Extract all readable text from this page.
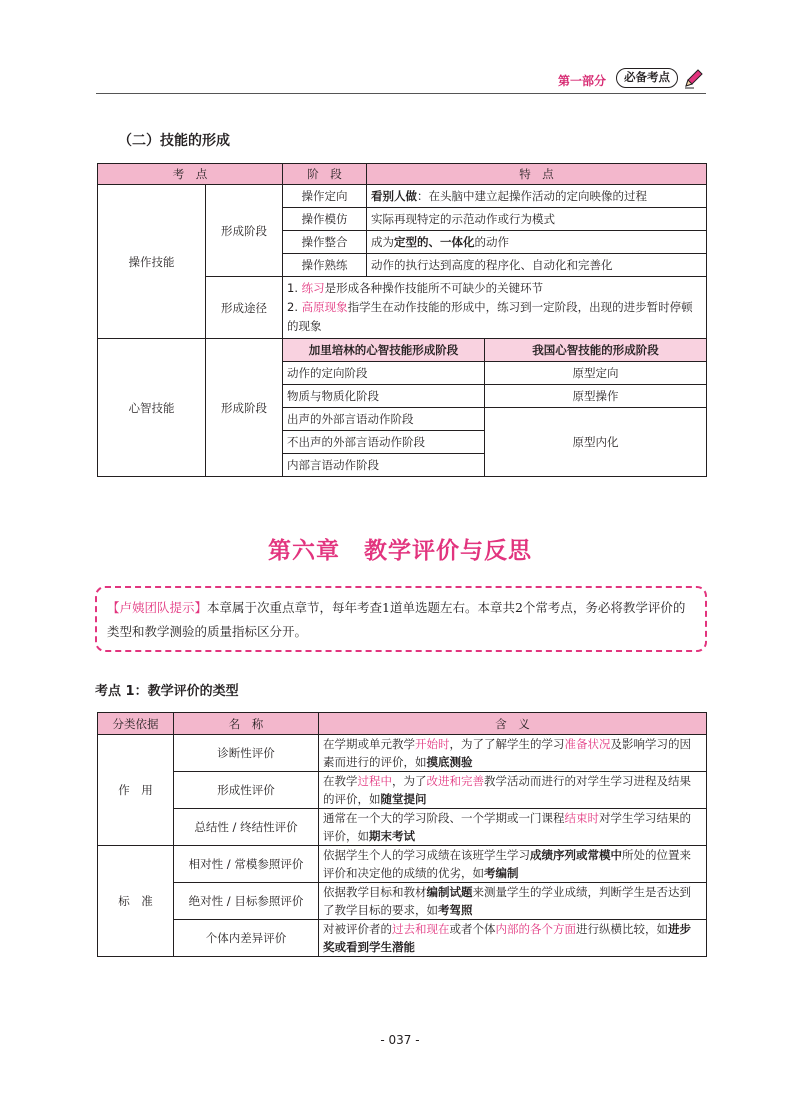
第一部分	必备考点
（二）技能的形成
考　点		阶　段	特　点	
操作技能	形成阶段	操作定向	看别人做：在头脑中建立起操作活动的定向映像的过程	
		操作模仿	实际再现特定的示范动作或行为模式	
		操作整合	成为定型的、一体化的动作	
		操作熟练	动作的执行达到高度的程序化、自动化和完善化	
	形成途径	1. 练习是形成各种操作技能所不可缺少的关键环节
2. 高原现象指学生在动作技能的形成中，练习到一定阶段，出现的进步暂时停顿的现象		

心智技能	形成阶段	加里培林的心智技能形成阶段		我国心智技能的形成阶段
		动作的定向阶段		原型定向
		物质与物质化阶段		原型操作
		出声的外部言语动作阶段		原型内化
		不出声的外部言语动作阶段		
		内部言语动作阶段		
第六章　教学评价与反思
【卢姨团队提示】本章属于次重点章节，每年考查1道单选题左右。本章共2个常考点，务必将教学评价的类型和教学测验的质量指标区分开。
考点 1：教学评价的类型
分类依据	名　称	含　义
作　用	诊断性评价	在学期或单元教学开始时，为了了解学生的学习准备状况及影响学习的因素而进行的评价，如摸底测验
	形成性评价	在教学过程中，为了改进和完善教学活动而进行的对学生学习进程及结果的评价，如随堂提问
	总结性 / 终结性评价	通常在一个大的学习阶段、一个学期或一门课程结束时对学生学习结果的评价，如期末考试
标　准	相对性 / 常模参照评价	依据学生个人的学习成绩在该班学生学习成绩序列或常模中所处的位置来评价和决定他的成绩的优劣，如考编制
	绝对性 / 目标参照评价	依据教学目标和教材编制试题来测量学生的学业成绩，判断学生是否达到了教学目标的要求，如考驾照
	个体内差异评价	对被评价者的过去和现在或者个体内部的各个方面进行纵横比较，如进步奖或看到学生潜能
- 037 -
